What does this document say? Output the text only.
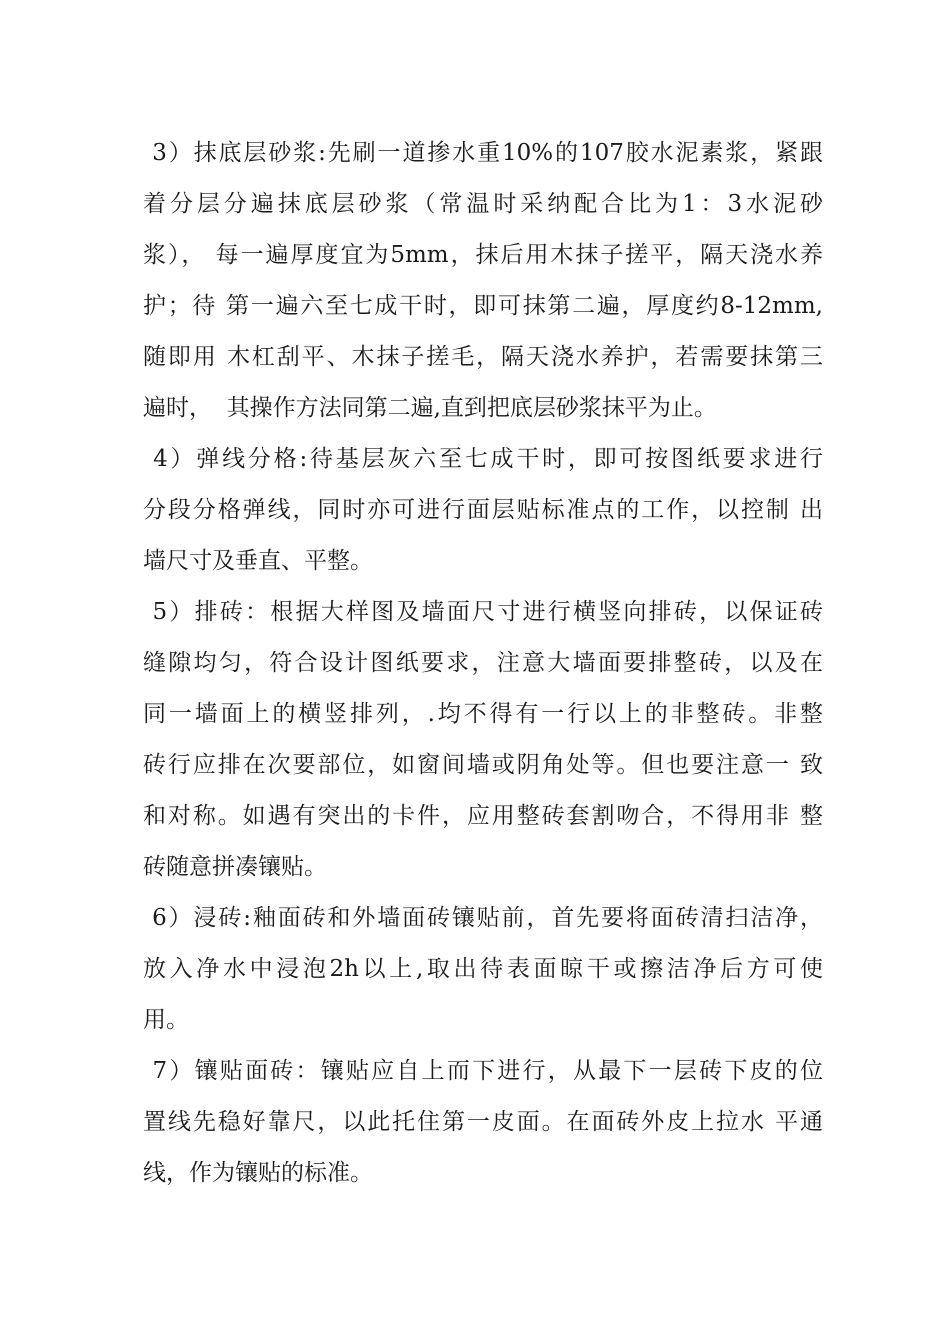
3）抹底层砂浆:先刷一道掺水重10%的107胶水泥素浆，紧跟
着分层分遍抹底层砂浆（常温时采纳配合比为1：3水泥砂
浆）， 每一遍厚度宜为5mm，抹后用木抹子搓平，隔天浇水养
护；待 第一遍六至七成干时，即可抹第二遍，厚度约8-12mm,
随即用 木杠刮平、木抹子搓毛，隔天浇水养护，若需要抹第三
遍时，  其操作方法同第二遍,直到把底层砂浆抹平为止。
4）弹线分格:待基层灰六至七成干时，即可按图纸要求进行
分段分格弹线，同时亦可进行面层贴标准点的工作，以控制 出
墙尺寸及垂直、平整。
5）排砖：根据大样图及墙面尺寸进行横竖向排砖，以保证砖
缝隙均匀，符合设计图纸要求，注意大墙面要排整砖，以及在
同一墙面上的横竖排列，.均不得有一行以上的非整砖。非整
砖行应排在次要部位，如窗间墙或阴角处等。但也要注意一 致
和对称。如遇有突出的卡件，应用整砖套割吻合，不得用非 整
砖随意拼凑镶贴。
6）浸砖:釉面砖和外墙面砖镶贴前，首先要将面砖清扫洁净，
放入净水中浸泡2h以上,取出待表面晾干或擦洁净后方可使
用。
7）镶贴面砖：镶贴应自上而下进行，从最下一层砖下皮的位
置线先稳好靠尺，以此托住第一皮面。在面砖外皮上拉水 平通
线，作为镶贴的标准。
